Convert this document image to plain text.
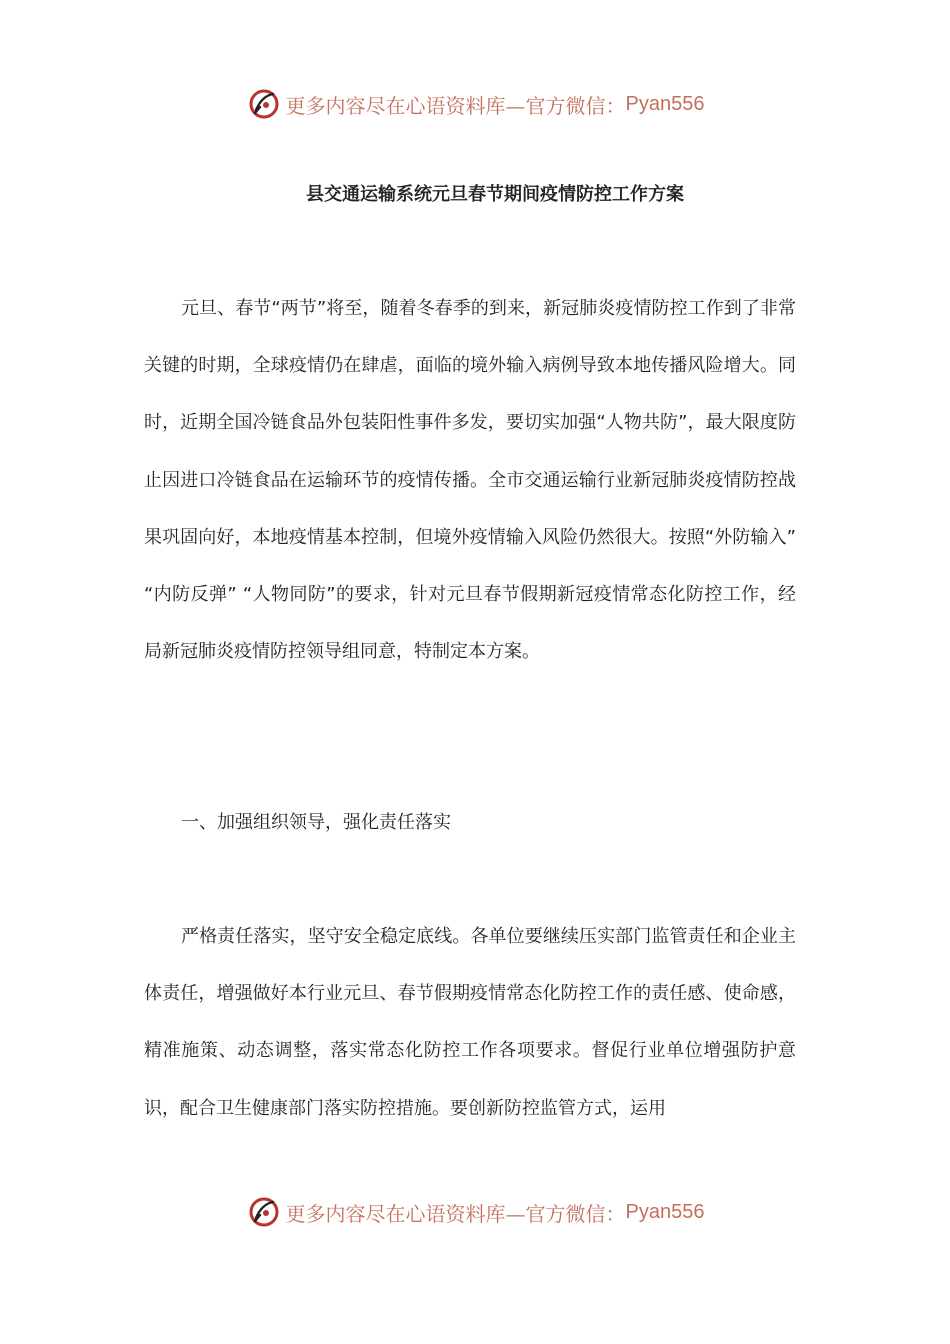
更多内容尽在心语资料库—官方微信： Pyan556
县交通运输系统元旦春节期间疫情防控工作方案

元旦、春节“两节”将至，随着冬春季的到来，新冠肺炎疫情防控工作到了非常关键的时期，全球疫情仍在肆虐，面临的境外输入病例导致本地传播风险增大。同时，近期全国冷链食品外包装阳性事件多发，要切实加强“人物共防”，最大限度防止因进口冷链食品在运输环节的疫情传播。全市交通运输行业新冠肺炎疫情防控战果巩固向好，本地疫情基本控制，但境外疫情输入风险仍然很大。按照“外防输入” “内防反弹” “人物同防”的要求，针对元旦春节假期新冠疫情常态化防控工作，经局新冠肺炎疫情防控领导组同意，特制定本方案。

一、加强组织领导，强化责任落实

严格责任落实，坚守安全稳定底线。各单位要继续压实部门监管责任和企业主体责任，增强做好本行业元旦、春节假期疫情常态化防控工作的责任感、使命感，精准施策、动态调整，落实常态化防控工作各项要求。督促行业单位增强防护意识，配合卫生健康部门落实防控措施。要创新防控监管方式，运用

更多内容尽在心语资料库—官方微信： Pyan556
